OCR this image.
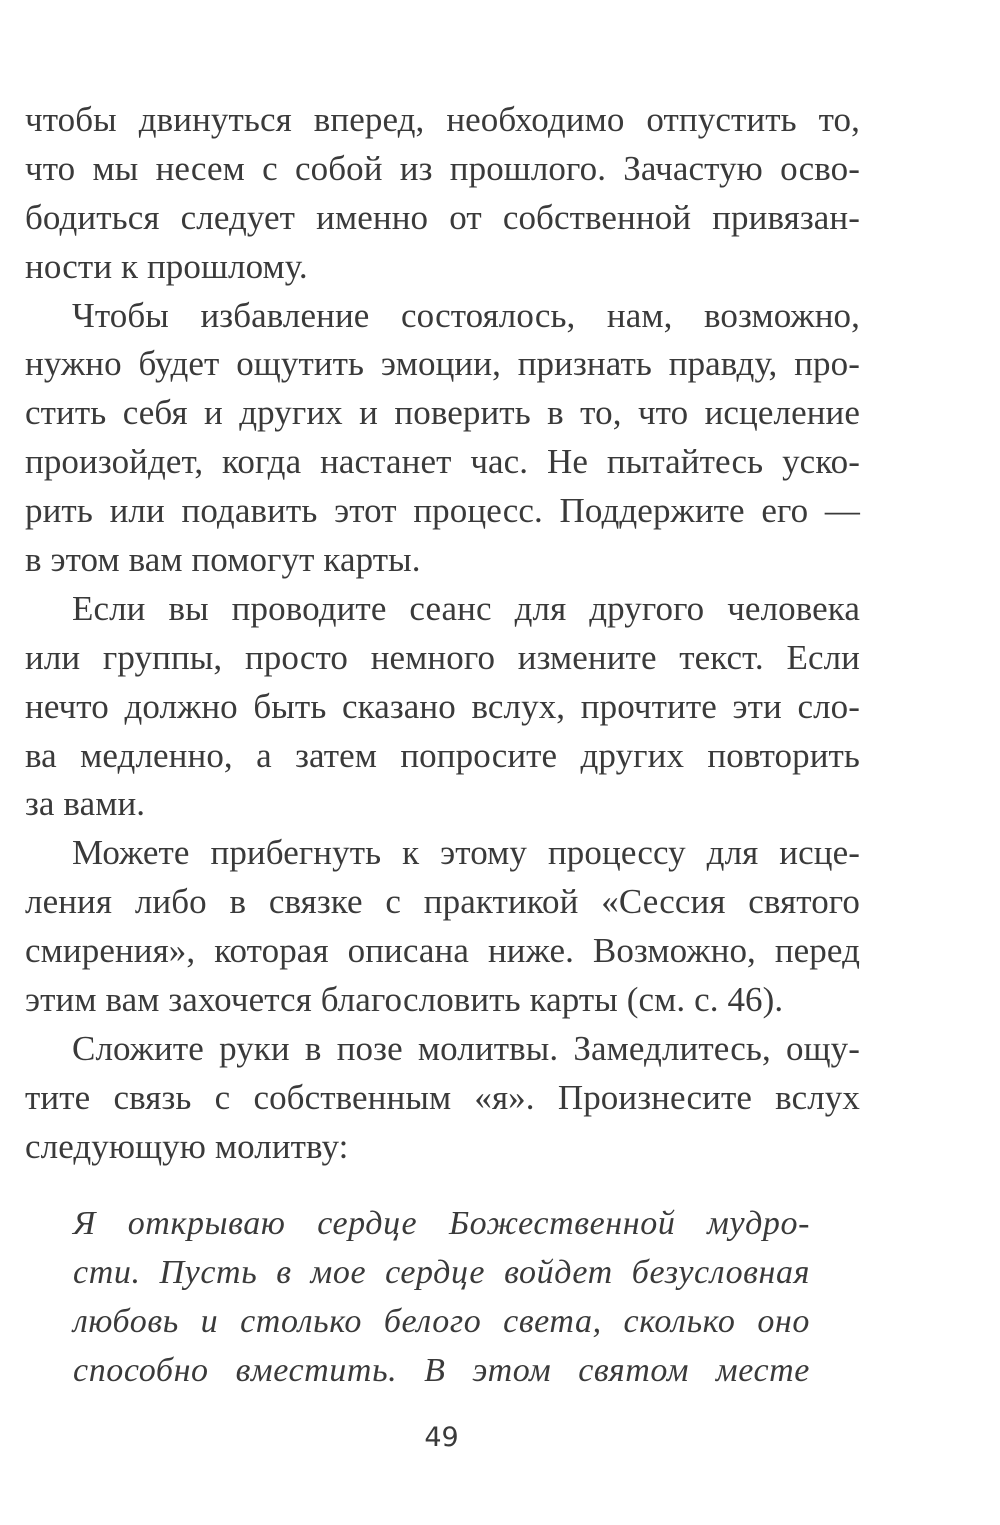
чтобы двинуться вперед, необходимо отпустить то,
что мы несем с собой из прошлого. Зачастую осво-
бодиться следует именно от собственной привязан-
ности к прошлому.
Чтобы избавление состоялось, нам, возможно,
нужно будет ощутить эмоции, признать правду, про-
стить себя и других и поверить в то, что исцеление
произойдет, когда настанет час. Не пытайтесь уско-
рить или подавить этот процесс. Поддержите его —
в этом вам помогут карты.
Если вы проводите сеанс для другого человека
или группы, просто немного измените текст. Если
нечто должно быть сказано вслух, прочтите эти сло-
ва медленно, а затем попросите других повторить
за вами.
Можете прибегнуть к этому процессу для исце-
ления либо в связке с практикой «Сессия святого
смирения», которая описана ниже. Возможно, перед
этим вам захочется благословить карты (см. с. 46).
Сложите руки в позе молитвы. Замедлитесь, ощу-
тите связь с собственным «я». Произнесите вслух
следующую молитву:
Я открываю сердце Божественной мудро-
сти. Пусть в мое сердце войдет безусловная
любовь и столько белого света, сколько оно
способно вместить. В этом святом месте
49
